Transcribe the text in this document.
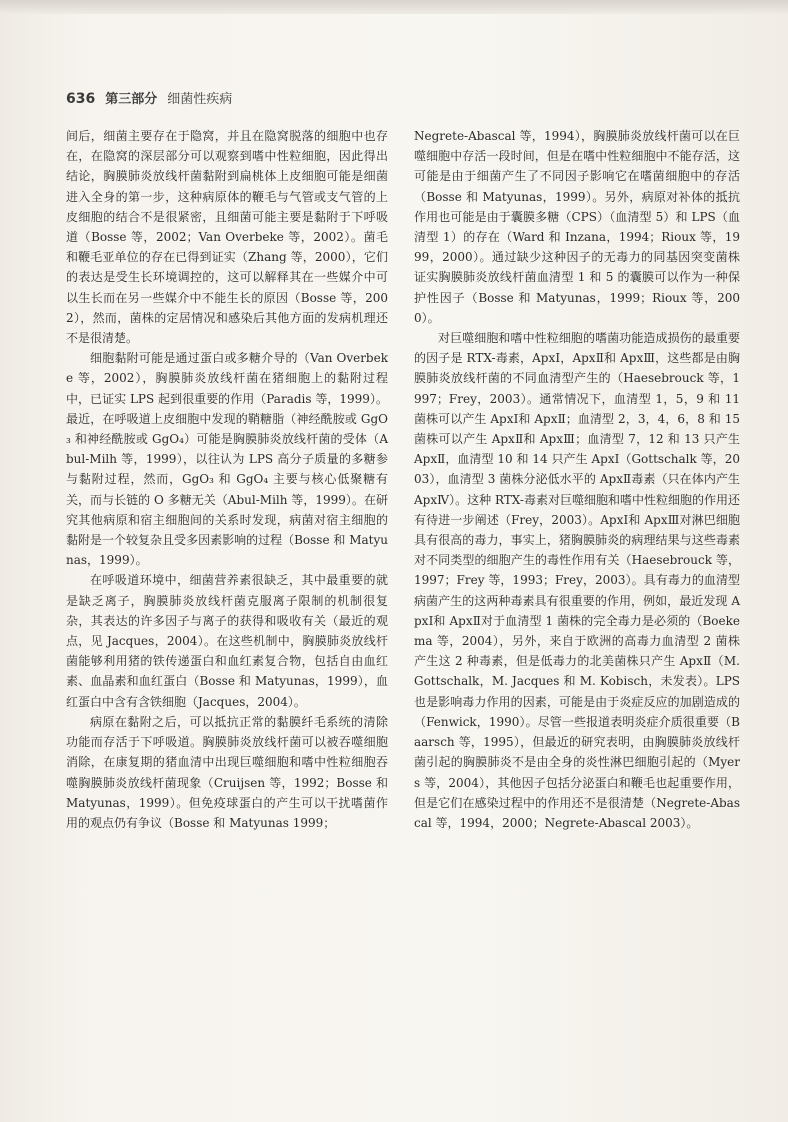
636 第三部分 细菌性疾病

间后，细菌主要存在于隐窝，并且在隐窝脱落的细胞中也存在，在隐窝的深层部分可以观察到嗜中性粒细胞，因此得出结论，胸膜肺炎放线杆菌黏附到扁桃体上皮细胞可能是细菌进入全身的第一步，这种病原体的鞭毛与气管或支气管的上皮细胞的结合不是很紧密，且细菌可能主要是黏附于下呼吸道（Bosse 等，2002；Van Overbeke 等，2002）。菌毛和鞭毛亚单位的存在已得到证实（Zhang 等，2000），它们的表达是受生长环境调控的，这可以解释其在一些媒介中可以生长而在另一些媒介中不能生长的原因（Bosse 等，2002），然而，菌株的定居情况和感染后其他方面的发病机理还不是很清楚。

细胞黏附可能是通过蛋白或多糖介导的（Van Overbeke 等，2002），胸膜肺炎放线杆菌在猪细胞上的黏附过程中，已证实 LPS 起到很重要的作用（Paradis 等，1999）。最近，在呼吸道上皮细胞中发现的鞘糖脂（神经酰胺或 GgO₃ 和神经酰胺或 GgO₄）可能是胸膜肺炎放线杆菌的受体（Abul-Milh 等，1999），以往认为 LPS 高分子质量的多糖参与黏附过程，然而，GgO₃ 和 GgO₄ 主要与核心低聚糖有关，而与长链的 O 多糖无关（Abul-Milh 等，1999）。在研究其他病原和宿主细胞间的关系时发现，病菌对宿主细胞的黏附是一个较复杂且受多因素影响的过程（Bosse 和 Matyunas，1999）。

在呼吸道环境中，细菌营养素很缺乏，其中最重要的就是缺乏离子，胸膜肺炎放线杆菌克服离子限制的机制很复杂，其表达的许多因子与离子的获得和吸收有关（最近的观点，见 Jacques，2004）。在这些机制中，胸膜肺炎放线杆菌能够利用猪的铁传递蛋白和血红素复合物，包括自由血红素、血晶素和血红蛋白（Bosse 和 Matyunas，1999），血红蛋白中含有含铁细胞（Jacques，2004）。

病原在黏附之后，可以抵抗正常的黏膜纤毛系统的清除功能而存活于下呼吸道。胸膜肺炎放线杆菌可以被吞噬细胞消除，在康复期的猪血清中出现巨噬细胞和嗜中性粒细胞吞噬胸膜肺炎放线杆菌现象（Cruijsen 等，1992；Bosse 和 Matyunas，1999）。但免疫球蛋白的产生可以干扰嗜菌作用的观点仍有争议（Bosse 和 Matyunas 1999；

Negrete-Abascal 等，1994），胸膜肺炎放线杆菌可以在巨噬细胞中存活一段时间，但是在嗜中性粒细胞中不能存活，这可能是由于细菌产生了不同因子影响它在嗜菌细胞中的存活（Bosse 和 Matyunas，1999）。另外，病原对补体的抵抗作用也可能是由于囊膜多糖（CPS）（血清型 5）和 LPS（血清型 1）的存在（Ward 和 Inzana，1994；Rioux 等，1999，2000）。通过缺少这种因子的无毒力的同基因突变菌株证实胸膜肺炎放线杆菌血清型 1 和 5 的囊膜可以作为一种保护性因子（Bosse 和 Matyunas，1999；Rioux 等，2000）。

对巨噬细胞和嗜中性粒细胞的嗜菌功能造成损伤的最重要的因子是 RTX-毒素，ApxⅠ，ApxⅡ和 ApxⅢ，这些都是由胸膜肺炎放线杆菌的不同血清型产生的（Haesebrouck 等，1997；Frey，2003）。通常情况下，血清型 1，5，9 和 11 菌株可以产生 ApxⅠ和 ApxⅡ；血清型 2，3，4，6，8 和 15 菌株可以产生 ApxⅡ和 ApxⅢ；血清型 7，12 和 13 只产生 ApxⅡ，血清型 10 和 14 只产生 ApxⅠ（Gottschalk 等，2003），血清型 3 菌株分泌低水平的 ApxⅡ毒素（只在体内产生 ApxⅣ）。这种 RTX-毒素对巨噬细胞和嗜中性粒细胞的作用还有待进一步阐述（Frey，2003）。ApxⅠ和 ApxⅢ对淋巴细胞具有很高的毒力，事实上，猪胸膜肺炎的病理结果与这些毒素对不同类型的细胞产生的毒性作用有关（Haesebrouck 等，1997；Frey 等，1993；Frey，2003）。具有毒力的血清型病菌产生的这两种毒素具有很重要的作用，例如，最近发现 ApxⅠ和 ApxⅡ对于血清型 1 菌株的完全毒力是必须的（Boekema 等，2004），另外，来自于欧洲的高毒力血清型 2 菌株产生这 2 种毒素，但是低毒力的北美菌株只产生 ApxⅡ（M. Gottschalk，M. Jacques 和 M. Kobisch，未发表）。LPS 也是影响毒力作用的因素，可能是由于炎症反应的加剧造成的（Fenwick，1990）。尽管一些报道表明炎症介质很重要（Baarsch 等，1995），但最近的研究表明，由胸膜肺炎放线杆菌引起的胸膜肺炎不是由全身的炎性淋巴细胞引起的（Myers 等，2004），其他因子包括分泌蛋白和鞭毛也起重要作用，但是它们在感染过程中的作用还不是很清楚（Negrete-Abascal 等，1994，2000；Negrete-Abascal 2003）。
